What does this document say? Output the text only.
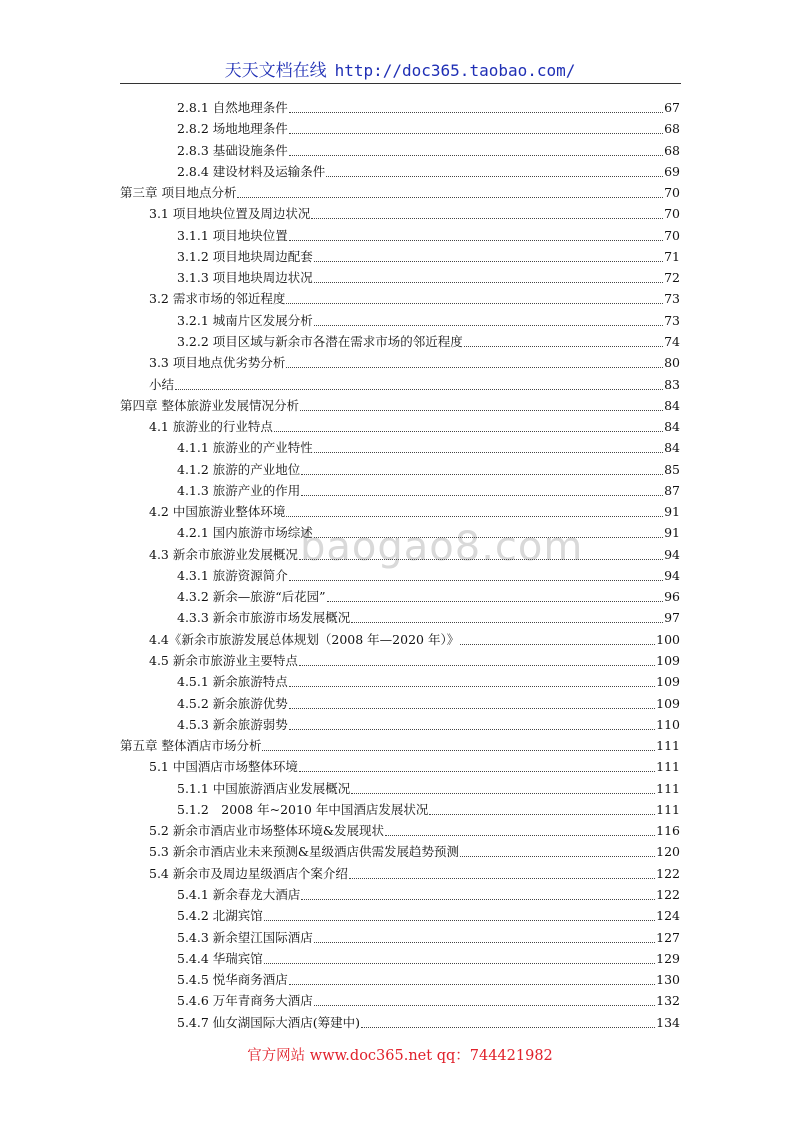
天天文档在线 http://doc365.taobao.com/
baogao8.com
2.8.1 自然地理条件	67
2.8.2 场地地理条件	68
2.8.3 基础设施条件	68
2.8.4 建设材料及运输条件	69
第三章 项目地点分析	70
3.1 项目地块位置及周边状况	70
3.1.1 项目地块位置	70
3.1.2 项目地块周边配套	71
3.1.3 项目地块周边状况	72
3.2 需求市场的邻近程度	73
3.2.1 城南片区发展分析	73
3.2.2 项目区域与新余市各潜在需求市场的邻近程度	74
3.3 项目地点优劣势分析	80
小结	83
第四章 整体旅游业发展情况分析	84
4.1 旅游业的行业特点	84
4.1.1 旅游业的产业特性	84
4.1.2 旅游的产业地位	85
4.1.3 旅游产业的作用	87
4.2 中国旅游业整体环境	91
4.2.1 国内旅游市场综述	91
4.3 新余市旅游业发展概况	94
4.3.1 旅游资源简介	94
4.3.2 新余—旅游“后花园”	96
4.3.3 新余市旅游市场发展概况	97
4.4《新余市旅游发展总体规划（2008 年—2020 年）》	100
4.5 新余市旅游业主要特点	109
4.5.1 新余旅游特点	109
4.5.2 新余旅游优势	109
4.5.3 新余旅游弱势	110
第五章 整体酒店市场分析	111
5.1 中国酒店市场整体环境	111
5.1.1 中国旅游酒店业发展概况	111
5.1.2　2008 年~2010 年中国酒店发展状况	111
5.2 新余市酒店业市场整体环境&发展现状	116
5.3 新余市酒店业未来预测&星级酒店供需发展趋势预测	120
5.4 新余市及周边星级酒店个案介绍	122
5.4.1 新余春龙大酒店	122
5.4.2 北湖宾馆	124
5.4.3 新余望江国际酒店	127
5.4.4 华瑞宾馆	129
5.4.5 悦华商务酒店	130
5.4.6 万年青商务大酒店	132
5.4.7 仙女湖国际大酒店(筹建中)	134
官方网站 www.doc365.net qq：744421982
